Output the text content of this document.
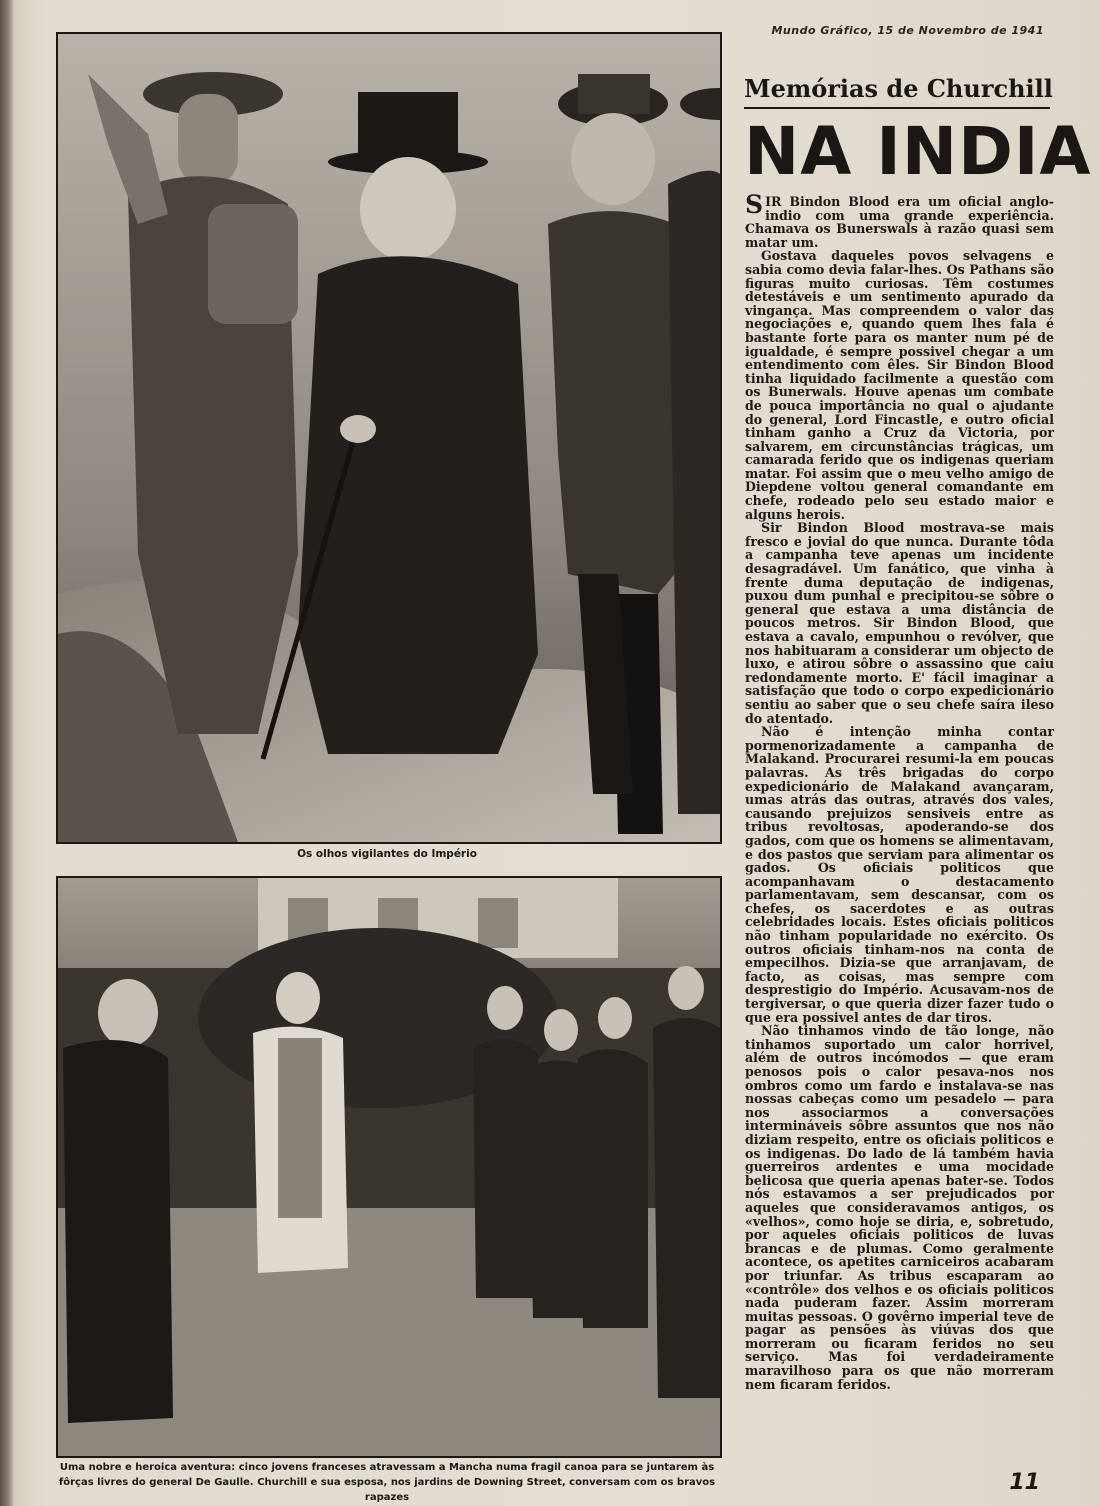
Mundo Gráfico, 15 de Novembro de 1941
Os olhos vigilantes do Império
Uma nobre e heroica aventura: cinco jovens franceses atravessam a Mancha numa fragil canoa para se juntarem às fôrças livres do general De Gaulle. Churchill e sua esposa, nos jardins de Downing Street, conversam com os bravos rapazes
Memórias de Churchill
NA INDIA

SIR Bindon Blood era um oficial anglo-indio com uma grande experiência. Chamava os Bunerswals à razão quasi sem matar um.

Gostava daqueles povos selvagens e sabia como devia falar-lhes. Os Pathans são figuras muito curiosas. Têm costumes detestáveis e um sentimento apurado da vingança. Mas compreendem o valor das negociações e, quando quem lhes fala é bastante forte para os manter num pé de igualdade, é sempre possivel chegar a um entendimento com êles. Sir Bindon Blood tinha liquidado facilmente a questão com os Bunerwals. Houve apenas um combate de pouca importância no qual o ajudante do general, Lord Fincastle, e outro oficial tinham ganho a Cruz da Victoria, por salvarem, em circunstâncias trágicas, um camarada ferido que os indigenas queriam matar. Foi assim que o meu velho amigo de Diepdene voltou general comandante em chefe, rodeado pelo seu estado maior e alguns herois.

Sir Bindon Blood mostrava-se mais fresco e jovial do que nunca. Durante tôda a campanha teve apenas um incidente desagradável. Um fanático, que vinha à frente duma deputação de indigenas, puxou dum punhal e precipitou-se sôbre o general que estava a uma distância de poucos metros. Sir Bindon Blood, que estava a cavalo, empunhou o revólver, que nos habituaram a considerar um objecto de luxo, e atirou sôbre o assassino que caiu redondamente morto. E' fácil imaginar a satisfação que todo o corpo expedicionário sentiu ao saber que o seu chefe saíra ileso do atentado.

Não é intenção minha contar pormenorizadamente a campanha de Malakand. Procurarei resumi-la em poucas palavras. As três brigadas do corpo expedicionário de Malakand avançaram, umas atrás das outras, através dos vales, causando prejuizos sensiveis entre as tribus revoltosas, apoderando-se dos gados, com que os homens se alimentavam, e dos pastos que serviam para alimentar os gados. Os oficiais politicos que acompanhavam o destacamento parlamentavam, sem descansar, com os chefes, os sacerdotes e as outras celebridades locais. Estes oficiais politicos não tinham popularidade no exército. Os outros oficiais tinham-nos na conta de empecilhos. Dizia-se que arranjavam, de facto, as coisas, mas sempre com desprestigio do Império. Acusavam-nos de tergiversar, o que queria dizer fazer tudo o que era possivel antes de dar tiros.

Não tinhamos vindo de tão longe, não tinhamos suportado um calor horrivel, além de outros incómodos — que eram penosos pois o calor pesava-nos nos ombros como um fardo e instalava-se nas nossas cabeças como um pesadelo — para nos associarmos a conversações intermináveis sôbre assuntos que nos não diziam respeito, entre os oficiais politicos e os indigenas. Do lado de lá também havia guerreiros ardentes e uma mocidade belicosa que queria apenas bater-se. Todos nós estavamos a ser prejudicados por aqueles que consideravamos antigos, os «velhos», como hoje se diria, e, sobretudo, por aqueles oficiais politicos de luvas brancas e de plumas. Como geralmente acontece, os apetites carniceiros acabaram por triunfar. As tribus escaparam ao «contrôle» dos velhos e os oficiais politicos nada puderam fazer. Assim morreram muitas pessoas. O govêrno imperial teve de pagar as pensões às viúvas dos que morreram ou ficaram feridos no seu serviço. Mas foi verdadeiramente maravilhoso para os que não morreram nem ficaram feridos.

11
